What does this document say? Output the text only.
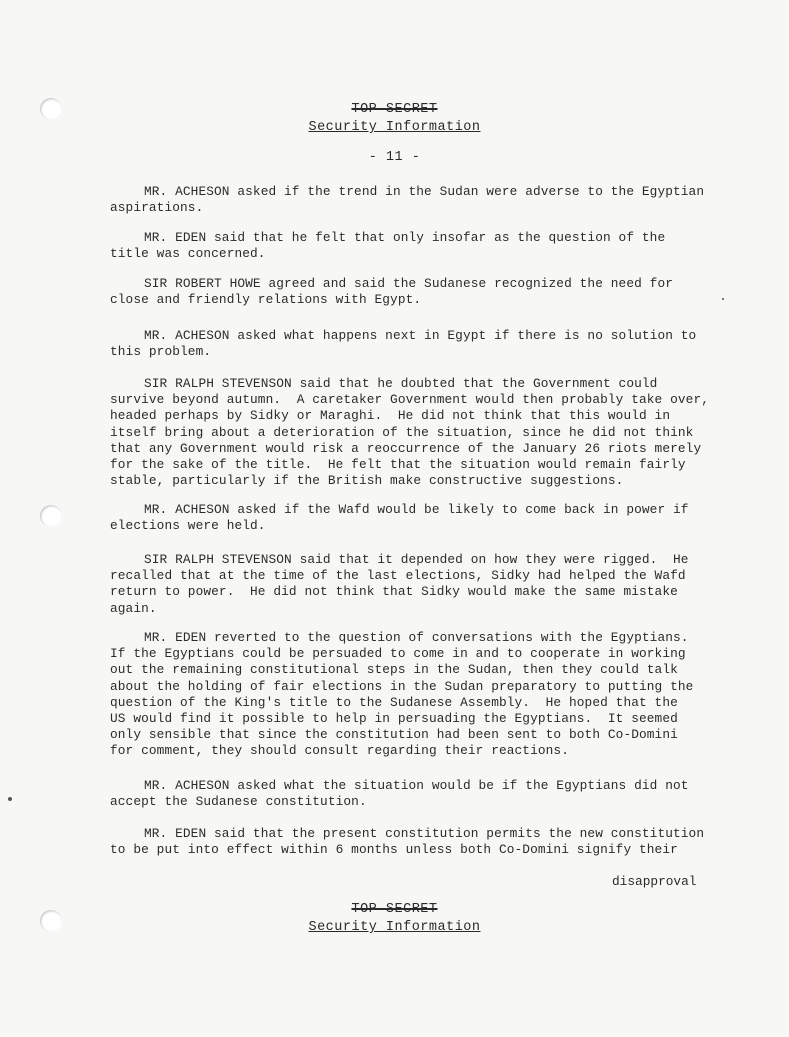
TOP SECRET
Security Information
- 11 -
MR. ACHESON asked if the trend in the Sudan were adverse to the Egyptian
aspirations.
MR. EDEN said that he felt that only insofar as the question of the
title was concerned.
SIR ROBERT HOWE agreed and said the Sudanese recognized the need for
close and friendly relations with Egypt.
MR. ACHESON asked what happens next in Egypt if there is no solution to
this problem.
SIR RALPH STEVENSON said that he doubted that the Government could
survive beyond autumn.  A caretaker Government would then probably take over,
headed perhaps by Sidky or Maraghi.  He did not think that this would in
itself bring about a deterioration of the situation, since he did not think
that any Government would risk a reoccurrence of the January 26 riots merely
for the sake of the title.  He felt that the situation would remain fairly
stable, particularly if the British make constructive suggestions.
MR. ACHESON asked if the Wafd would be likely to come back in power if
elections were held.
SIR RALPH STEVENSON said that it depended on how they were rigged.  He
recalled that at the time of the last elections, Sidky had helped the Wafd
return to power.  He did not think that Sidky would make the same mistake
again.
MR. EDEN reverted to the question of conversations with the Egyptians.
If the Egyptians could be persuaded to come in and to cooperate in working
out the remaining constitutional steps in the Sudan, then they could talk
about the holding of fair elections in the Sudan preparatory to putting the
question of the King's title to the Sudanese Assembly.  He hoped that the
US would find it possible to help in persuading the Egyptians.  It seemed
only sensible that since the constitution had been sent to both Co-Domini
for comment, they should consult regarding their reactions.
MR. ACHESON asked what the situation would be if the Egyptians did not
accept the Sudanese constitution.
MR. EDEN said that the present constitution permits the new constitution
to be put into effect within 6 months unless both Co-Domini signify their
disapproval
TOP SECRET
Security Information
